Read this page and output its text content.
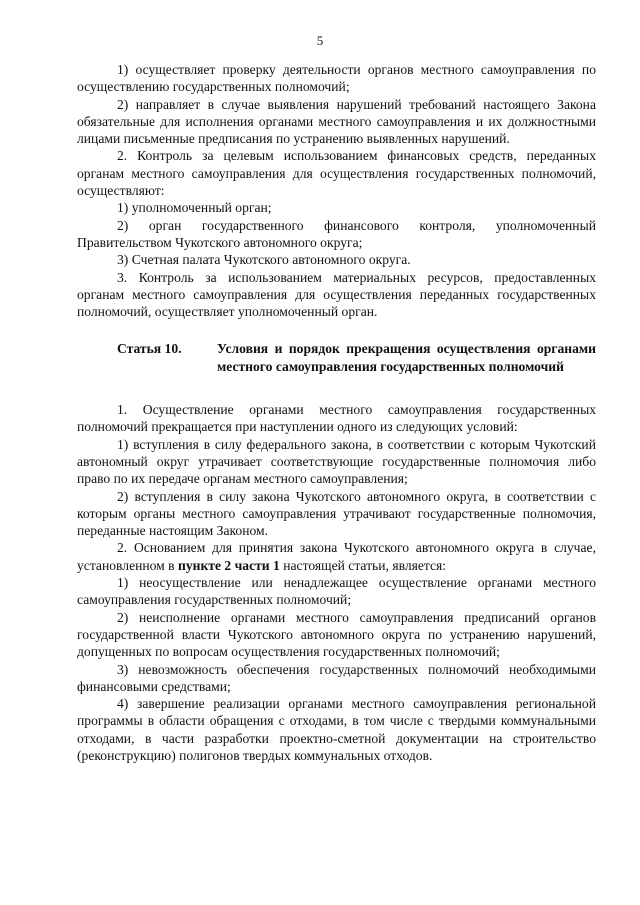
5

1) осуществляет проверку деятельности органов местного самоуправления по осуществлению государственных полномочий;

2) направляет в случае выявления нарушений требований настоящего Закона обязательные для исполнения органами местного самоуправления и их должностными лицами письменные предписания по устранению выявленных нарушений.

2. Контроль за целевым использованием финансовых средств, переданных органам местного самоуправления для осуществления государственных полномочий, осуществляют:

1) уполномоченный орган;

2) орган государственного финансового контроля, уполномоченный Правительством Чукотского автономного округа;

3) Счетная палата Чукотского автономного округа.

3. Контроль за использованием материальных ресурсов, предоставленных органам местного самоуправления для осуществления переданных государственных полномочий, осуществляет уполномоченный орган.

Статья 10.	Условия и порядок прекращения осуществления органами местного самоуправления государственных полномочий

1. Осуществление органами местного самоуправления государственных полномочий прекращается при наступлении одного из следующих условий:

1) вступления в силу федерального закона, в соответствии с которым Чукотский автономный округ утрачивает соответствующие государственные полномочия либо право по их передаче органам местного самоуправления;

2) вступления в силу закона Чукотского автономного округа, в соответствии с которым органы местного самоуправления утрачивают государственные полномочия, переданные настоящим Законом.

2. Основанием для принятия закона Чукотского автономного округа в случае, установленном в пункте 2 части 1 настоящей статьи, является:

1) неосуществление или ненадлежащее осуществление органами местного самоуправления государственных полномочий;

2) неисполнение органами местного самоуправления предписаний органов государственной власти Чукотского автономного округа по устранению нарушений, допущенных по вопросам осуществления государственных полномочий;

3) невозможность обеспечения государственных полномочий необходимыми финансовыми средствами;

4) завершение реализации органами местного самоуправления региональной программы в области обращения с отходами, в том числе с твердыми коммунальными отходами, в части разработки проектно-сметной документации на строительство (реконструкцию) полигонов твердых коммунальных отходов.
